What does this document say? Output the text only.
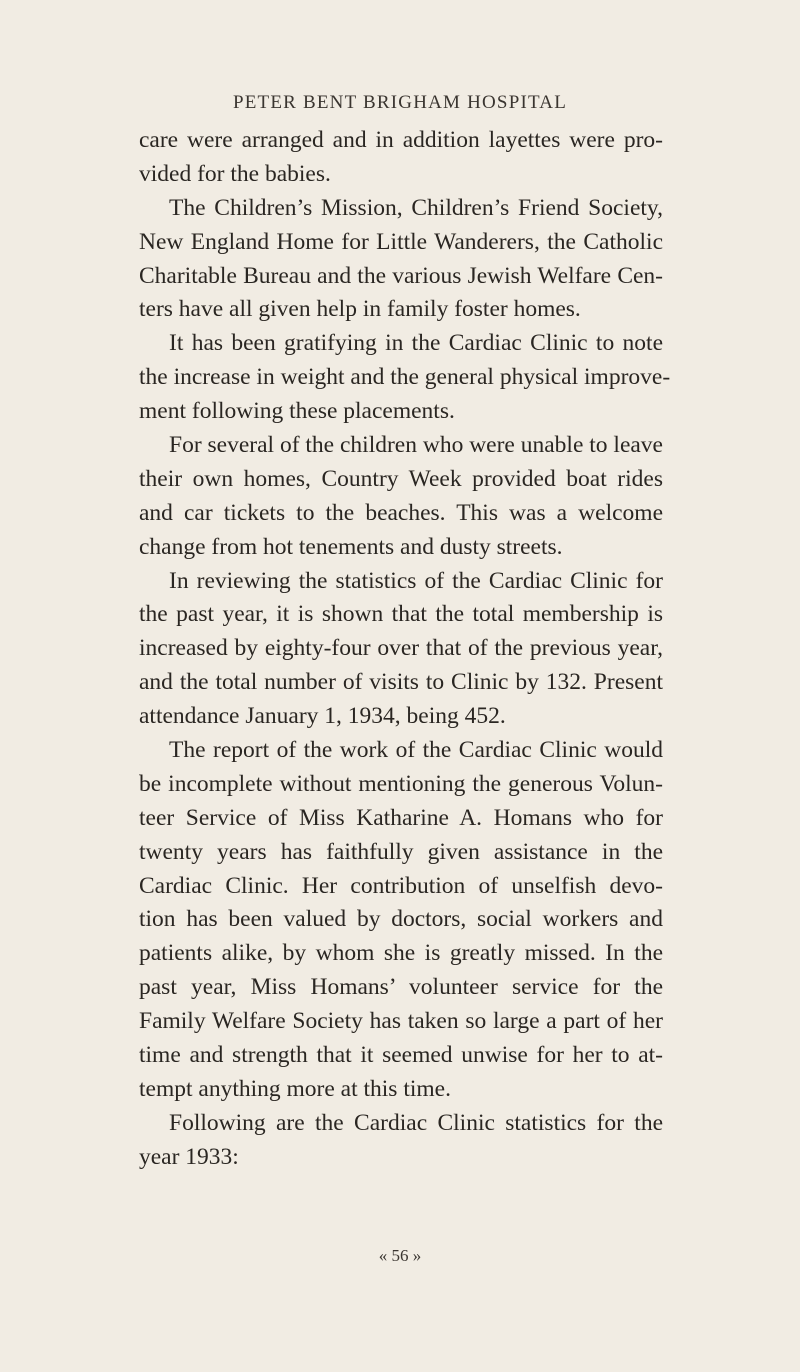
PETER BENT BRIGHAM HOSPITAL
care were arranged and in addition layettes were pro-
vided for the babies.
The Children’s Mission, Children’s Friend Society,
New England Home for Little Wanderers, the Catholic
Charitable Bureau and the various Jewish Welfare Cen-
ters have all given help in family foster homes.
It has been gratifying in the Cardiac Clinic to note
the increase in weight and the general physical improve-
ment following these placements.
For several of the children who were unable to leave
their own homes, Country Week provided boat rides
and car tickets to the beaches. This was a welcome
change from hot tenements and dusty streets.
In reviewing the statistics of the Cardiac Clinic for
the past year, it is shown that the total membership is
increased by eighty-four over that of the previous year,
and the total number of visits to Clinic by 132. Present
attendance January 1, 1934, being 452.
The report of the work of the Cardiac Clinic would
be incomplete without mentioning the generous Volun-
teer Service of Miss Katharine A. Homans who for
twenty years has faithfully given assistance in the
Cardiac Clinic. Her contribution of unselfish devo-
tion has been valued by doctors, social workers and
patients alike, by whom she is greatly missed. In the
past year, Miss Homans’ volunteer service for the
Family Welfare Society has taken so large a part of her
time and strength that it seemed unwise for her to at-
tempt anything more at this time.
Following are the Cardiac Clinic statistics for the
year 1933:
« 56 »
